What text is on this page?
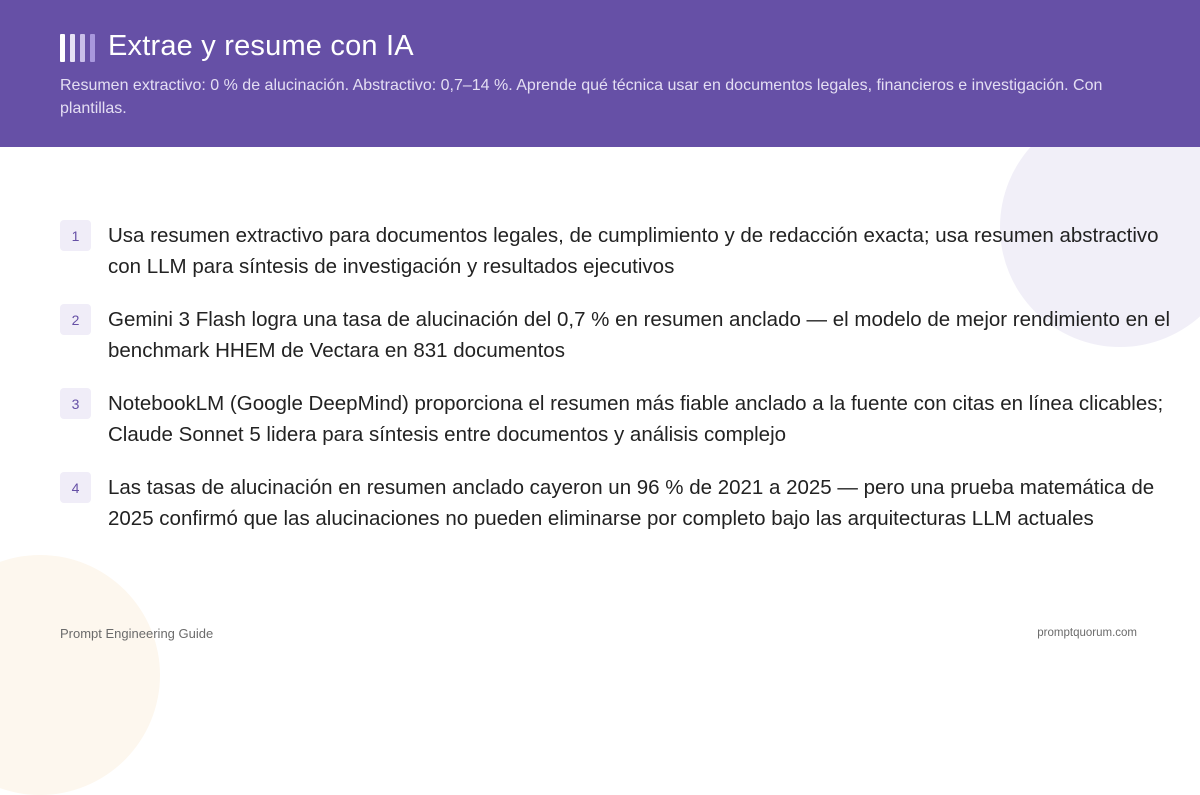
Extrae y resume con IA

Resumen extractivo: 0 % de alucinación. Abstractivo: 0,7–14 %. Aprende qué técnica usar en documentos legales, financieros e investigación. Con plantillas.

1	Usa resumen extractivo para documentos legales, de cumplimiento y de redacción exacta; usa resumen abstractivo con LLM para síntesis de investigación y resultados ejecutivos
2	Gemini 3 Flash logra una tasa de alucinación del 0,7 % en resumen anclado — el modelo de mejor rendimiento en el benchmark HHEM de Vectara en 831 documentos
3	NotebookLM (Google DeepMind) proporciona el resumen más fiable anclado a la fuente con citas en línea clicables; Claude Sonnet 5 lidera para síntesis entre documentos y análisis complejo
4	Las tasas de alucinación en resumen anclado cayeron un 96 % de 2021 a 2025 — pero una prueba matemática de 2025 confirmó que las alucinaciones no pueden eliminarse por completo bajo las arquitecturas LLM actuales
Prompt Engineering Guide	promptquorum.com
